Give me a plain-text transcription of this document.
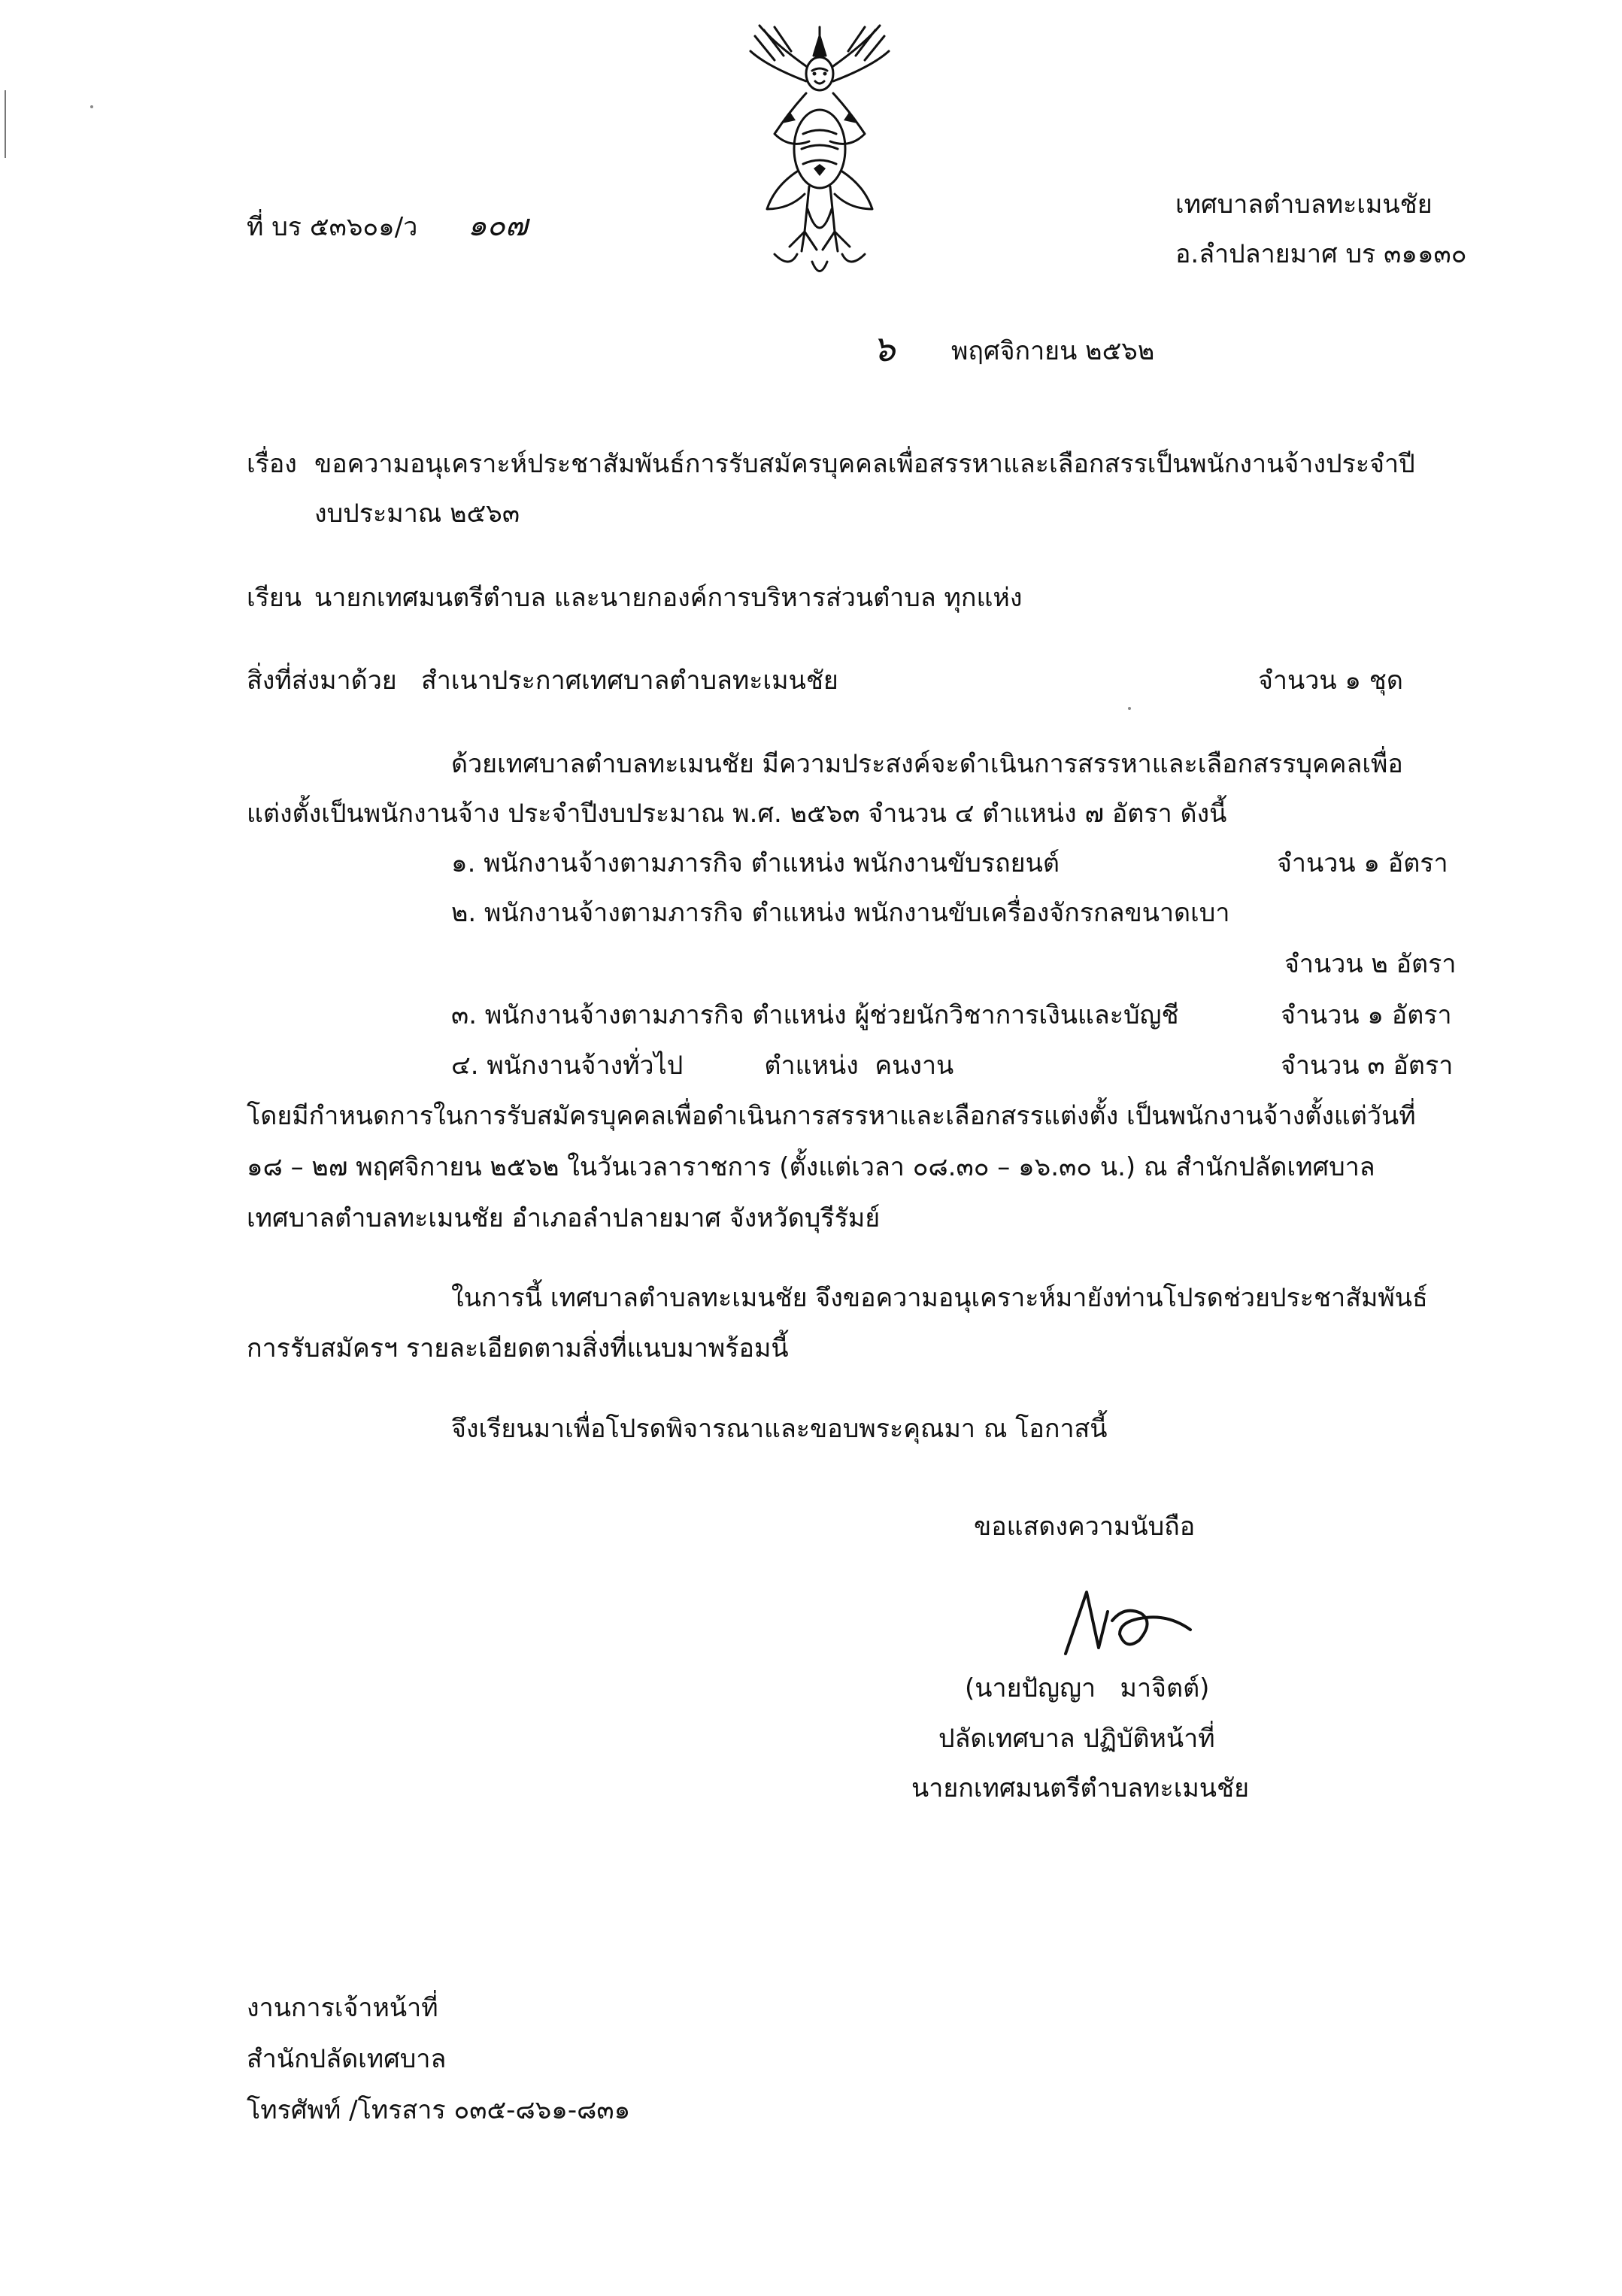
ที่ บร ๕๓๖๐๑/ว ๑๐๗
เทศบาลตำบลทะเมนชัย
อ.ลำปลายมาศ บร ๓๑๑๓๐
๖ พฤศจิกายน ๒๕๖๒
เรื่อง ขอความอนุเคราะห์ประชาสัมพันธ์การรับสมัครบุคคลเพื่อสรรหาและเลือกสรรเป็นพนักงานจ้างประจำปี
งบประมาณ ๒๕๖๓
เรียน นายกเทศมนตรีตำบล และนายกองค์การบริหารส่วนตำบล ทุกแห่ง
สิ่งที่ส่งมาด้วย สำเนาประกาศเทศบาลตำบลทะเมนชัย	จำนวน ๑ ชุด
ด้วยเทศบาลตำบลทะเมนชัย มีความประสงค์จะดำเนินการสรรหาและเลือกสรรบุคคลเพื่อ
แต่งตั้งเป็นพนักงานจ้าง ประจำปีงบประมาณ พ.ศ. ๒๕๖๓ จำนวน ๔ ตำแหน่ง ๗ อัตรา ดังนี้
๑. พนักงานจ้างตามภารกิจ ตำแหน่ง พนักงานขับรถยนต์	จำนวน ๑ อัตรา
๒. พนักงานจ้างตามภารกิจ ตำแหน่ง พนักงานขับเครื่องจักรกลขนาดเบา
จำนวน ๒ อัตรา
๓. พนักงานจ้างตามภารกิจ ตำแหน่ง ผู้ช่วยนักวิชาการเงินและบัญชี	จำนวน ๑ อัตรา
๔. พนักงานจ้างทั่วไป          ตำแหน่ง  คนงาน	จำนวน ๓ อัตรา
โดยมีกำหนดการในการรับสมัครบุคคลเพื่อดำเนินการสรรหาและเลือกสรรแต่งตั้ง เป็นพนักงานจ้างตั้งแต่วันที่
๑๘ – ๒๗ พฤศจิกายน ๒๕๖๒ ในวันเวลาราชการ (ตั้งแต่เวลา ๐๘.๓๐ – ๑๖.๓๐ น.) ณ สำนักปลัดเทศบาล
เทศบาลตำบลทะเมนชัย อำเภอลำปลายมาศ จังหวัดบุรีรัมย์
ในการนี้ เทศบาลตำบลทะเมนชัย จึงขอความอนุเคราะห์มายังท่านโปรดช่วยประชาสัมพันธ์
การรับสมัครฯ รายละเอียดตามสิ่งที่แนบมาพร้อมนี้
จึงเรียนมาเพื่อโปรดพิจารณาและขอบพระคุณมา ณ โอกาสนี้
ขอแสดงความนับถือ
(นายปัญญา   มาจิตต์)
ปลัดเทศบาล ปฏิบัติหน้าที่
นายกเทศมนตรีตำบลทะเมนชัย
งานการเจ้าหน้าที่
สำนักปลัดเทศบาล
โทรศัพท์ /โทรสาร ๐๓๕-๘๖๑-๘๓๑
